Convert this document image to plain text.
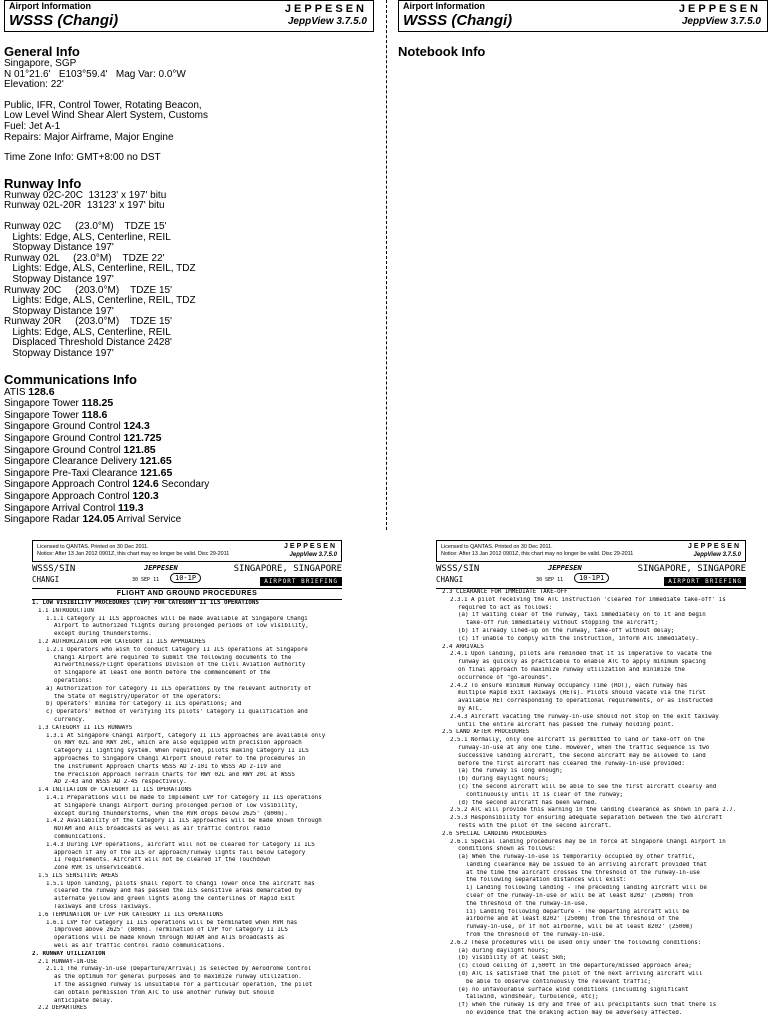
Airport Information
WSSS (Changi)
JEPPESEN
JeppView 3.7.5.0
General Info
Singapore, SGP
N 01°21.6'   E103°59.4'   Mag Var: 0.0°W
Elevation: 22'
Public, IFR, Control Tower, Rotating Beacon,
Low Level Wind Shear Alert System, Customs
Fuel: Jet A-1
Repairs: Major Airframe, Major Engine
Time Zone Info: GMT+8:00 no DST
Runway Info
Runway 02C-20C  13123' x 197' bitu
Runway 02L-20R  13123' x 197' bitu
Runway 02C     (23.0°M)    TDZE 15'
Lights: Edge, ALS, Centerline, REIL
Stopway Distance 197'
Runway 02L     (23.0°M)    TDZE 22'
Lights: Edge, ALS, Centerline, REIL, TDZ
Stopway Distance 197'
Runway 20C     (203.0°M)    TDZE 15'
Lights: Edge, ALS, Centerline, REIL, TDZ
Stopway Distance 197'
Runway 20R     (203.0°M)    TDZE 15'
Lights: Edge, ALS, Centerline, REIL
Displaced Threshold Distance 2428'
Stopway Distance 197'
Communications Info
ATIS 128.6
Singapore Tower 118.25
Singapore Tower 118.6
Singapore Ground Control 124.3
Singapore Ground Control 121.725
Singapore Ground Control 121.85
Singapore Clearance Delivery 121.65
Singapore Pre-Taxi Clearance 121.65
Singapore Approach Control 124.6 Secondary
Singapore Approach Control 120.3
Singapore Arrival Control 119.3
Singapore Radar 124.05 Arrival Service
Airport Information
WSSS (Changi)
JEPPESEN
JeppView 3.7.5.0
Notebook Info
Licensed to QANTAS. Printed on 30 Dec 2011.
Notice: After 13 Jan 2012 0901Z, this chart may no longer be valid. Disc 29-2011
JEPPESEN
JeppView 3.7.5.0
WSSS/SIN
CHANGI
JEPPESEN
30 SEP 11	10-1P
SINGAPORE, SINGAPORE
AIRPORT BRIEFING
FLIGHT AND GROUND PROCEDURES
1. LOW VISIBILITY PROCEDURES (LVP) FOR CATEGORY II ILS OPERATIONS
1.1 INTRODUCTION
1.1.1 Category II ILS approaches will be made available at Singapore Changi
Airport to authorized flights during prolonged periods of low visibility,
except during thunderstorms.
1.2 AUTHORIZATION FOR CATEGORY II ILS APPROACHES
1.2.1 Operators who wish to conduct Category II ILS operations at Singapore
Changi Airport are required to submit the following documents to the
Airworthiness/Flight Operations Division of the Civil Aviation Authority
of Singapore at least one month before the commencement of the
operations:
a) Authorization for Category II ILS operations by the relevant authority of
the State of Registry/Operator of the operators:
b) Operators' minima for Category II ILS operations; and
c) Operators' method of verifying its pilots' Category II qualification and
currency.
1.3 CATEGORY II ILS RUNWAYS
1.3.1 At Singapore Changi Airport, Category II ILS approaches are available only
on RWY 02L and RWY 20C, which are also equipped with precision approach
Category II lighting system. When required, pilots making Category II ILS
approaches to Singapore Changi Airport should refer to the procedures in
the Instrument Approach Charts WSSS AD 2-101 to WSSS AD 2-119 and
the Precision Approach Terrain Charts for RWY 02L and RWY 20C at WSSS
AD 2-43 and WSSS AD 2-45 respectively.
1.4 INITIATION OF CATEGORY II ILS OPERATIONS
1.4.1 Preparations will be made to implement LVP for Category II ILS operations
at Singapore Changi Airport during prolonged period of low visibility,
except during thunderstorms, when the RVR drops below 2625' (800m).
1.4.2 Availability of the Category II ILS approaches will be made known through
NOTAM and ATIS broadcasts as well as air traffic control radio
communications.
1.4.3 During LVP operations, aircraft will not be cleared for Category II ILS
approach if any of the ILS or approach/runway lights fall below Category
II requirements. Aircraft will not be cleared if the Touchdown
Zone RVR is unserviceable.
1.5 ILS SENSITIVE AREAS
1.5.1 Upon landing, pilots shall report to Changi Tower once the aircraft has
cleared the runway and has passed the ILS sensitive areas demarcated by
alternate yellow and green lights along the centerlines of Rapid Exit
Taxiways and Cross Taxiways.
1.6 TERMINATION OF LVP FOR CATEGORY II ILS OPERATIONS
1.6.1 LVP for Category II ILS operations will be terminated when RVR has
improved above 2625' (800m). Termination of LVP for Category II ILS
operations will be made known through NOTAM and ATIS broadcasts as
well as air traffic control radio communications.
2. RUNWAY UTILIZATION
2.1 RUNWAY-IN-USE
2.1.1 The runway-in-use (Departure/Arrival) is selected by Aerodrome Control
as the optimum for general purposes and to maximize runway utilization.
If the assigned runway is unsuitable for a particular operation, the pilot
can obtain permission from ATC to use another runway but should
anticipate delay.
2.2 DEPARTURES
Licensed to QANTAS. Printed on 30 Dec 2011.
Notice: After 13 Jan 2012 0901Z, this chart may no longer be valid. Disc 29-2011
JEPPESEN
JeppView 3.7.5.0
WSSS/SIN
CHANGI
JEPPESEN
30 SEP 11	10-1P1
SINGAPORE, SINGAPORE
AIRPORT BRIEFING
2.3 CLEARANCE FOR IMMEDIATE TAKE-OFF
2.3.1 A pilot receiving the ATC instruction 'cleared for immediate take-off' is
required to act as follows:
(a) if waiting clear of the runway, taxi immediately on to it and begin
take-off run immediately without stopping the aircraft;
(b) if already lined-up on the runway, take-off without delay;
(c) if unable to comply with the instruction, inform ATC immediately.
2.4 ARRIVALS
2.4.1 Upon landing, pilots are reminded that it is imperative to vacate the
runway as quickly as practicable to enable ATC to apply minimum spacing
on final approach to maximize runway utilization and minimize the
occurrence of "go-arounds".
2.4.2 To ensure minimum Runway Occupancy Time (ROT), each runway has
multiple Rapid Exit Taxiways (RETs). Pilots should vacate via the first
available RET corresponding to operational requirements, or as instructed
by ATC.
2.4.3 Aircraft vacating the runway-in-use should not stop on the exit taxiway
until the entire aircraft has passed the runway holding point.
2.5 LAND AFTER PROCEDURES
2.5.1 Normally, only one aircraft is permitted to land or take-off on the
runway-in-use at any one time. However, when the traffic sequence is two
successive landing aircraft, the second aircraft may be allowed to land
before the first aircraft has cleared the runway-in-use provided:
(a) the runway is long enough;
(b) during daylight hours;
(c) the second aircraft will be able to see the first aircraft clearly and
continuously until it is clear of the runway;
(d) the second aircraft has been warned.
2.5.2 ATC will provide this warning in the landing clearance as shown in para 2.7.
2.5.3 Responsibility for ensuring adequate separation between the two aircraft
rests with the pilot of the second aircraft.
2.6 SPECIAL LANDING PROCEDURES
2.6.1 Special landing procedures may be in force at Singapore Changi Airport in
conditions shown as follows:
(a) When the runway-in-use is temporarily occupied by other traffic,
landing clearance may be issued to an arriving aircraft provided that
at the time the aircraft crosses the threshold of the runway-in-use
the following separation distances will exist:
i) Landing following landing - The preceding landing aircraft will be
clear of the runway-in-use or will be at least 8202' (2500m) from
the threshold of the runway-in-use.
ii) Landing following departure - The departing aircraft will be
airborne and at least 8202' (2500m) from the threshold of the
runway-in-use, or if not airborne, will be at least 8202' (2500m)
from the threshold of the runway-in-use.
2.6.2 These procedures will be used only under the following conditions:
(a) during daylight hours;
(b) visibility of at least 5km;
(c) cloud ceiling of 1,500ft in the departure/missed approach area;
(d) ATC is satisfied that the pilot of the next arriving aircraft will
be able to observe continuously the relevant traffic;
(e) no unfavourable surface wind conditions (including significant
tailwind, windshear, turbulence, etc);
(f) when the runway is dry and free of all precipitants such that there is
no evidence that the braking action may be adversely affected.
